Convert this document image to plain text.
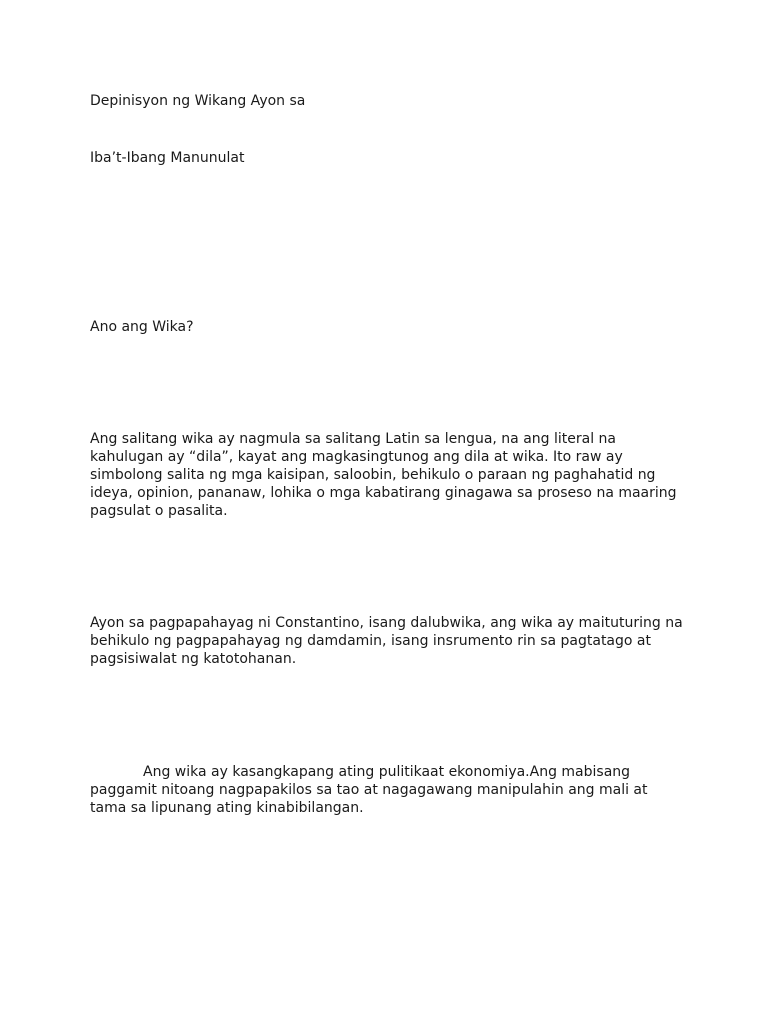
Depinisyon ng Wikang Ayon sa

Iba’t-Ibang Manunulat

Ano ang Wika?

Ang salitang wika ay nagmula sa salitang Latin sa lengua, na ang literal na
kahulugan ay “dila”, kayat ang magkasingtunog ang dila at wika. Ito raw ay
simbolong salita ng mga kaisipan, saloobin, behikulo o paraan ng paghahatid ng
ideya, opinion, pananaw, lohika o mga kabatirang ginagawa sa proseso na maaring
pagsulat o pasalita.
Ayon sa pagpapahayag ni Constantino, isang dalubwika, ang wika ay maituturing na
behikulo ng pagpapahayag ng damdamin, isang insrumento rin sa pagtatago at
pagsisiwalat ng katotohanan.
Ang wika ay kasangkapang ating pulitikaat ekonomiya.Ang mabisang
paggamit nitoang nagpapakilos sa tao at nagagawang manipulahin ang mali at
tama sa lipunang ating kinabibilangan.
